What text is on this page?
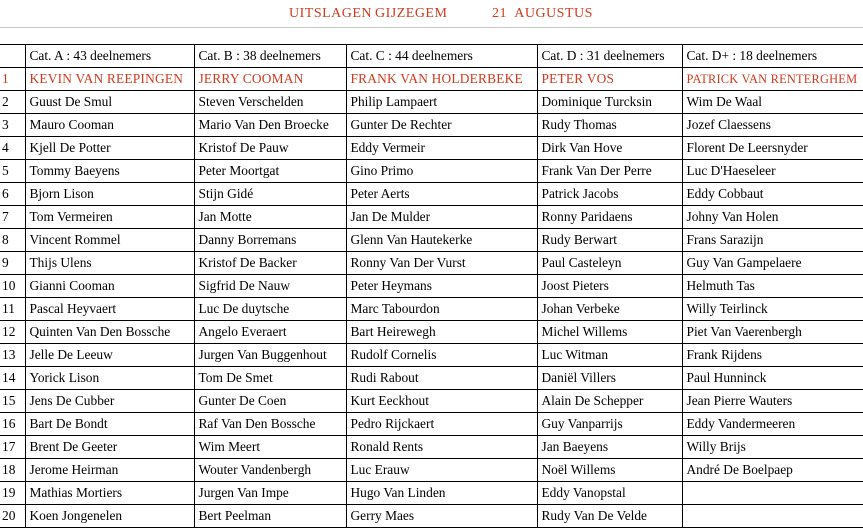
UITSLAGEN GIJZEGEM	21  AUGUSTUS
	Cat. A : 43 deelnemers	Cat. B : 38 deelnemers	Cat. C : 44 deelnemers	Cat. D : 31 deelnemers	Cat. D+ : 18 deelnemers
1	KEVIN VAN REEPINGEN	JERRY COOMAN	FRANK VAN HOLDERBEKE	PETER VOS	PATRICK VAN RENTERGHEM
2	Guust De Smul	Steven Verschelden	Philip Lampaert	Dominique Turcksin	Wim De Waal
3	Mauro Cooman	Mario Van Den Broecke	Gunter De Rechter	Rudy Thomas	Jozef Claessens
4	Kjell De Potter	Kristof De Pauw	Eddy Vermeir	Dirk Van Hove	Florent De Leersnyder
5	Tommy Baeyens	Peter Moortgat	Gino Primo	Frank Van Der Perre	Luc D'Haeseleer
6	Bjorn Lison	Stijn Gidé	Peter Aerts	Patrick Jacobs	Eddy Cobbaut
7	Tom Vermeiren	Jan Motte	Jan De Mulder	Ronny Paridaens	Johny Van Holen
8	Vincent Rommel	Danny Borremans	Glenn Van Hautekerke	Rudy Berwart	Frans Sarazijn
9	Thijs Ulens	Kristof De Backer	Ronny Van Der Vurst	Paul Casteleyn	Guy Van Gampelaere
10	Gianni Cooman	Sigfrid De Nauw	Peter Heymans	Joost Pieters	Helmuth Tas
11	Pascal Heyvaert	Luc De duytsche	Marc Tabourdon	Johan Verbeke	Willy Teirlinck
12	Quinten Van Den Bossche	Angelo Everaert	Bart Heirewegh	Michel Willems	Piet Van Vaerenbergh
13	Jelle De Leeuw	Jurgen Van Buggenhout	Rudolf Cornelis	Luc Witman	Frank Rijdens
14	Yorick Lison	Tom De Smet	Rudi Rabout	Daniël Villers	Paul Hunninck
15	Jens De Cubber	Gunter De Coen	Kurt Eeckhout	Alain De Schepper	Jean Pierre Wauters
16	Bart De Bondt	Raf Van Den Bossche	Pedro Rijckaert	Guy Vanparrijs	Eddy Vandermeeren
17	Brent De Geeter	Wim Meert	Ronald Rents	Jan Baeyens	Willy Brijs
18	Jerome Heirman	Wouter Vandenbergh	Luc Erauw	Noël Willems	André De Boelpaep
19	Mathias Mortiers	Jurgen Van Impe	Hugo Van Linden	Eddy Vanopstal	
20	Koen Jongenelen	Bert Peelman	Gerry Maes	Rudy Van De Velde	
